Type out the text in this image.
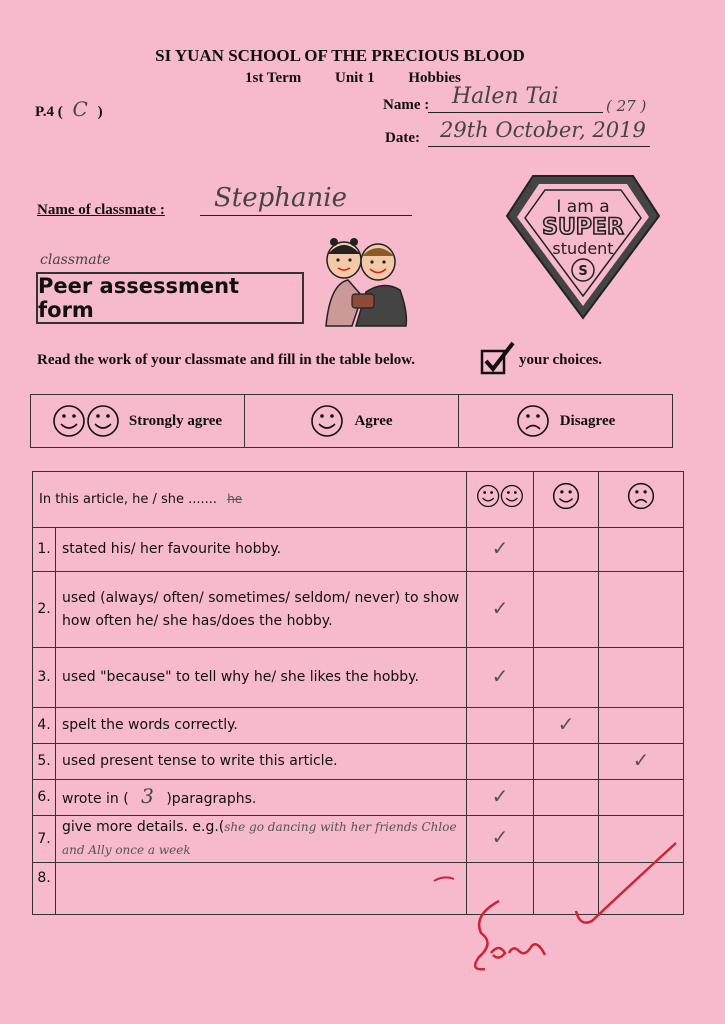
SI YUAN SCHOOL OF THE PRECIOUS BLOOD
1st Term Unit 1 Hobbies
P.4 ( C )	Name : Halen Tai	( 27 )
Date: 29th October, 2019
Name of classmate : Stephanie
classmate
Peer assessment form
I am a
SUPER
student
S
Read the work of your classmate and fill in the table below.	your choices.
Strongly agree	Agree	Disagree
In this article, he / she ....... he			
1.	stated his/ her favourite hobby.	✓		
2.	used (always/ often/ sometimes/ seldom/ never) to show how often he/ she has/does the hobby.	✓		
3.	used "because" to tell why he/ she likes the hobby.	✓		
4.	spelt the words correctly.		✓	
5.	used present tense to write this article.			✓
6.	wrote in ( 3 )paragraphs.	✓		
7.	give more details. e.g.(she go dancing with her friends Chloe and Ally once a week	✓		
8.				
